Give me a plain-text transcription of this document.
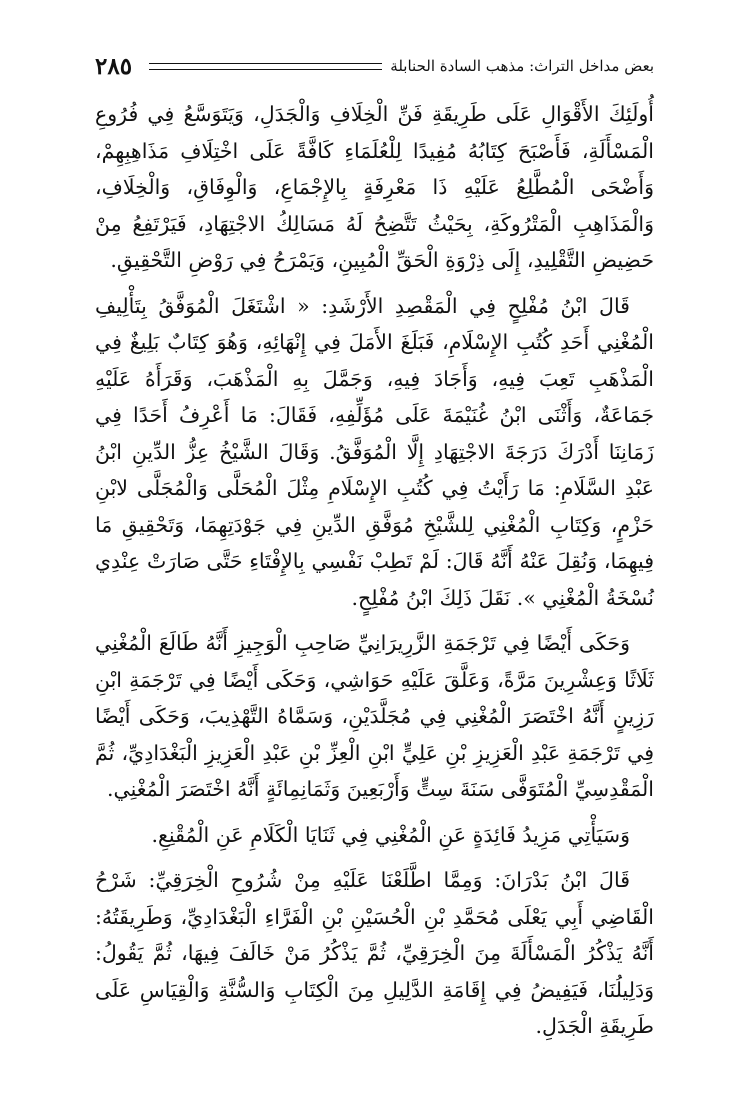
٢٨٥	بعض مداخل التراث: مذهب السادة الحنابلة

أُولَئِكَ الأَقْوَالِ عَلَى طَرِيقَةِ فَنِّ الْخِلَافِ وَالْجَدَلِ، وَيَتَوَسَّعُ فِي فُرُوعِ الْمَسْأَلَةِ، فَأَصْبَحَ كِتَابُهُ مُفِيدًا لِلْعُلَمَاءِ كَافَّةً عَلَى اخْتِلَافِ مَذَاهِبِهِمْ، وَأَضْحَى الْمُطَّلِعُ عَلَيْهِ ذَا مَعْرِفَةٍ بِالإِجْمَاعِ، وَالْوِفَاقِ، وَالْخِلَافِ، وَالْمَذَاهِبِ الْمَتْرُوكَةِ، بِحَيْثُ تَتَّضِحُ لَهُ مَسَالِكُ الاجْتِهَادِ، فَيَرْتَفِعُ مِنْ حَضِيضِ التَّقْلِيدِ، إِلَى ذِرْوَةِ الْحَقِّ الْمُبِينِ، وَيَمْرَحُ فِي رَوْضِ التَّحْقِيقِ.

قَالَ ابْنُ مُفْلِحٍ فِي الْمَقْصِدِ الأَرْشَدِ: « اشْتَغَلَ الْمُوَفَّقُ بِتَأْلِيفِ الْمُغْنِي أَحَدِ كُتُبِ الإِسْلَامِ، فَبَلَغَ الأَمَلَ فِي إِنْهَائِهِ، وَهُوَ كِتَابٌ بَلِيغٌ فِي الْمَذْهَبِ تَعِبَ فِيهِ، وَأَجَادَ فِيهِ، وَجَمَّلَ بِهِ الْمَذْهَبَ، وَقَرَأَهُ عَلَيْهِ جَمَاعَةٌ، وَأَثْنَى ابْنُ غُنَيْمَةَ عَلَى مُؤَلِّفِهِ، فَقَالَ: مَا أَعْرِفُ أَحَدًا فِي زَمَانِنَا أَدْرَكَ دَرَجَةَ الاجْتِهَادِ إِلَّا الْمُوَفَّقُ. وَقَالَ الشَّيْخُ عِزُّ الدِّينِ ابْنُ عَبْدِ السَّلَامِ: مَا رَأَيْتُ فِي كُتُبِ الإِسْلَامِ مِثْلَ الْمُحَلَّى وَالْمُجَلَّى لابْنِ حَزْمٍ، وَكِتَابِ الْمُغْنِي لِلشَّيْخِ مُوَفَّقِ الدِّينِ فِي جَوْدَتِهِمَا، وَتَحْقِيقِ مَا فِيهِمَا، وَنُقِلَ عَنْهُ أَنَّهُ قَالَ: لَمْ تَطِبْ نَفْسِي بِالإِفْتَاءِ حَتَّى صَارَتْ عِنْدِي نُسْخَةُ الْمُغْنِي ». نَقَلَ ذَلِكَ ابْنُ مُفْلِحٍ.

وَحَكَى أَيْضًا فِي تَرْجَمَةِ الزَّرِيرَانِيِّ صَاحِبِ الْوَجِيزِ أَنَّهُ طَالَعَ الْمُغْنِي ثَلَاثًا وَعِشْرِينَ مَرَّةً، وَعَلَّقَ عَلَيْهِ حَوَاشِي، وَحَكَى أَيْضًا فِي تَرْجَمَةِ ابْنِ رَزِينٍ أَنَّهُ اخْتَصَرَ الْمُغْنِي فِي مُجَلَّدَيْنِ، وَسَمَّاهُ التَّهْذِيبَ، وَحَكَى أَيْضًا فِي تَرْجَمَةِ عَبْدِ الْعَزِيزِ بْنِ عَلِيٍّ ابْنِ الْعِزِّ بْنِ عَبْدِ الْعَزِيزِ الْبَغْدَادِيِّ، ثُمَّ الْمَقْدِسِيِّ الْمُتَوَفَّى سَنَةَ سِتٍّ وَأَرْبَعِينَ وَثَمَانِمِائَةٍ أَنَّهُ اخْتَصَرَ الْمُغْنِي.

وَسَيَأْتِي مَزِيدُ فَائِدَةٍ عَنِ الْمُغْنِي فِي ثَنَايَا الْكَلَامِ عَنِ الْمُقْنِعِ.

قَالَ ابْنُ بَدْرَانَ: وَمِمَّا اطَّلَعْنَا عَلَيْهِ مِنْ شُرُوحِ الْخِرَقِيِّ: شَرْحُ الْقَاضِي أَبِي يَعْلَى مُحَمَّدِ بْنِ الْحُسَيْنِ بْنِ الْفَرَّاءِ الْبَغْدَادِيِّ، وَطَرِيقَتُهُ: أَنَّهُ يَذْكُرُ الْمَسْأَلَةَ مِنَ الْخِرَقِيِّ، ثُمَّ يَذْكُرُ مَنْ خَالَفَ فِيهَا، ثُمَّ يَقُولُ: وَدَلِيلُنَا، فَيَفِيضُ فِي إِقَامَةِ الدَّلِيلِ مِنَ الْكِتَابِ وَالسُّنَّةِ وَالْقِيَاسِ عَلَى طَرِيقَةِ الْجَدَلِ.
